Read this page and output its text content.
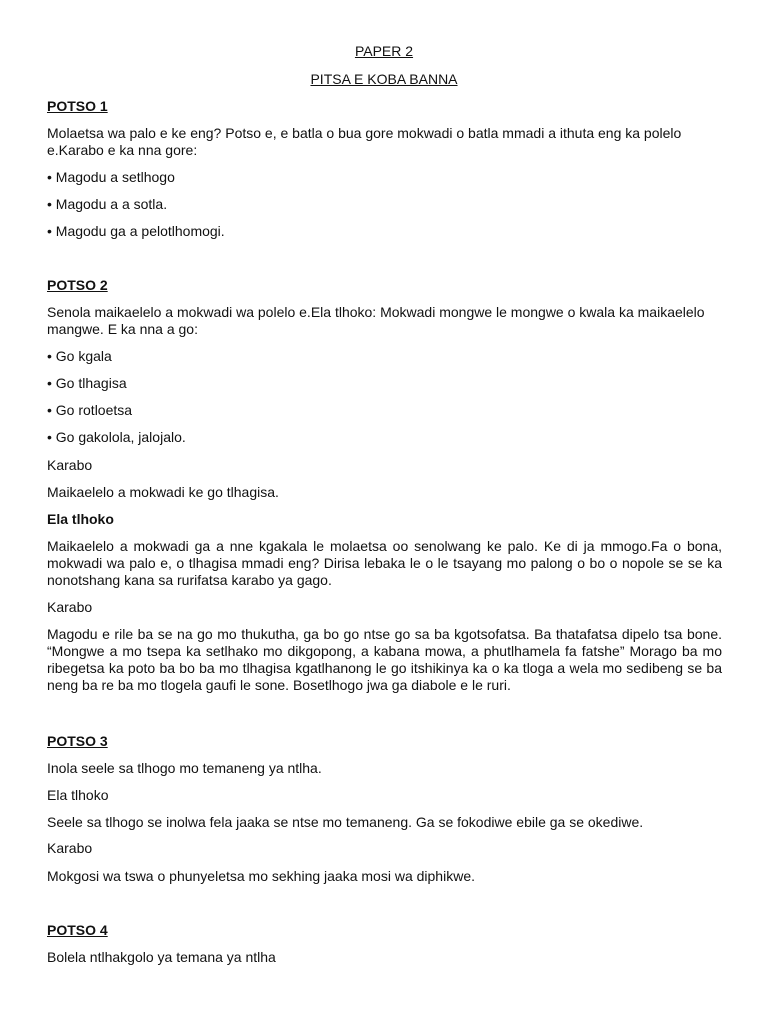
PAPER 2
PITSA E KOBA BANNA

POTSO 1

Molaetsa wa palo e ke eng? Potso e, e batla o bua gore mokwadi o batla mmadi a ithuta eng ka polelo e.Karabo e ka nna gore:

• Magodu a setlhogo

• Magodu a a sotla.

• Magodu ga a pelotlhomogi.

POTSO 2

Senola maikaelelo a mokwadi wa polelo e.Ela tlhoko: Mokwadi mongwe le mongwe o kwala ka maikaelelo mangwe. E ka nna a go:

• Go kgala

• Go tlhagisa

• Go rotloetsa

• Go gakolola, jalojalo.

Karabo

Maikaelelo a mokwadi ke go tlhagisa.

Ela tlhoko

Maikaelelo a mokwadi ga a nne kgakala le molaetsa oo senolwang ke palo. Ke di ja mmogo.Fa o bona, mokwadi wa palo e, o tlhagisa mmadi eng? Dirisa lebaka le o le tsayang mo palong o bo o nopole se se ka nonotshang kana sa rurifatsa karabo ya gago.

Karabo

Magodu e rile ba se na go mo thukutha, ga bo go ntse go sa ba kgotsofatsa. Ba thatafatsa dipelo tsa bone. “Mongwe a mo tsepa ka setlhako mo dikgopong, a kabana mowa, a phutlhamela fa fatshe” Morago ba mo ribegetsa ka poto ba bo ba mo tlhagisa kgatlhanong le go itshikinya ka o ka tloga a wela mo sedibeng se ba neng ba re ba mo tlogela gaufi le sone. Bosetlhogo jwa ga diabole e le ruri.

POTSO 3

Inola seele sa tlhogo mo temaneng ya ntlha.

Ela tlhoko

Seele sa tlhogo se inolwa fela jaaka se ntse mo temaneng. Ga se fokodiwe ebile ga se okediwe.

Karabo

Mokgosi wa tswa o phunyeletsa mo sekhing jaaka mosi wa diphikwe.

POTSO 4

Bolela ntlhakgolo ya temana ya ntlha
